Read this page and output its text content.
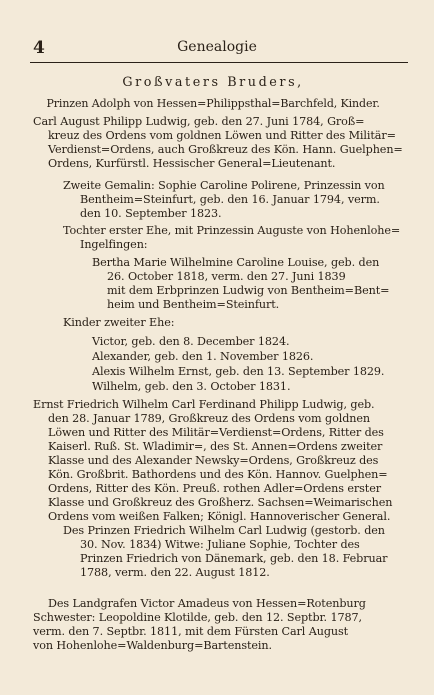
4	Genealogie

Großvaters Bruders,

Prinzen Adolph von Hessen=Philippsthal=Barchfeld, Kinder.

Carl August Philipp Ludwig, geb. den 27. Juni 1784, Groß=

kreuz des Ordens vom goldnen Löwen und Ritter des Militär=

Verdienst=Ordens, auch Großkreuz des Kön. Hann. Guelphen=

Ordens, Kurfürstl. Hessischer General=Lieutenant.

Zweite Gemalin: Sophie Caroline Polirene, Prinzessin von

Bentheim=Steinfurt, geb. den 16. Januar 1794, verm.

den 10. September 1823.

Tochter erster Ehe, mit Prinzessin Auguste von Hohenlohe=

Ingelfingen:

Bertha Marie Wilhelmine Caroline Louise, geb. den

26. October 1818, verm. den 27. Juni 1839

mit dem Erbprinzen Ludwig von Bentheim=Bent=

heim und Bentheim=Steinfurt.

Kinder zweiter Ehe:

Victor, geb. den 8. December 1824.

Alexander, geb. den 1. November 1826.

Alexis Wilhelm Ernst, geb. den 13. September 1829.

Wilhelm, geb. den 3. October 1831.

Ernst Friedrich Wilhelm Carl Ferdinand Philipp Ludwig, geb.

den 28. Januar 1789, Großkreuz des Ordens vom goldnen

Löwen und Ritter des Militär=Verdienst=Ordens, Ritter des

Kaiserl. Ruß. St. Wladimir=, des St. Annen=Ordens zweiter

Klasse und des Alexander Newsky=Ordens, Großkreuz des

Kön. Großbrit. Bathordens und des Kön. Hannov. Guelphen=

Ordens, Ritter des Kön. Preuß. rothen Adler=Ordens erster

Klasse und Großkreuz des Großherz. Sachsen=Weimarischen

Ordens vom weißen Falken; Königl. Hannoverischer General.

Des Prinzen Friedrich Wilhelm Carl Ludwig (gestorb. den

30. Nov. 1834) Witwe: Juliane Sophie, Tochter des

Prinzen Friedrich von Dänemark, geb. den 18. Februar

1788, verm. den 22. August 1812.

Des Landgrafen Victor Amadeus von Hessen=Rotenburg

Schwester: Leopoldine Klotilde, geb. den 12. Septbr. 1787,

verm. den 7. Septbr. 1811, mit dem Fürsten Carl August

von Hohenlohe=Waldenburg=Bartenstein.
